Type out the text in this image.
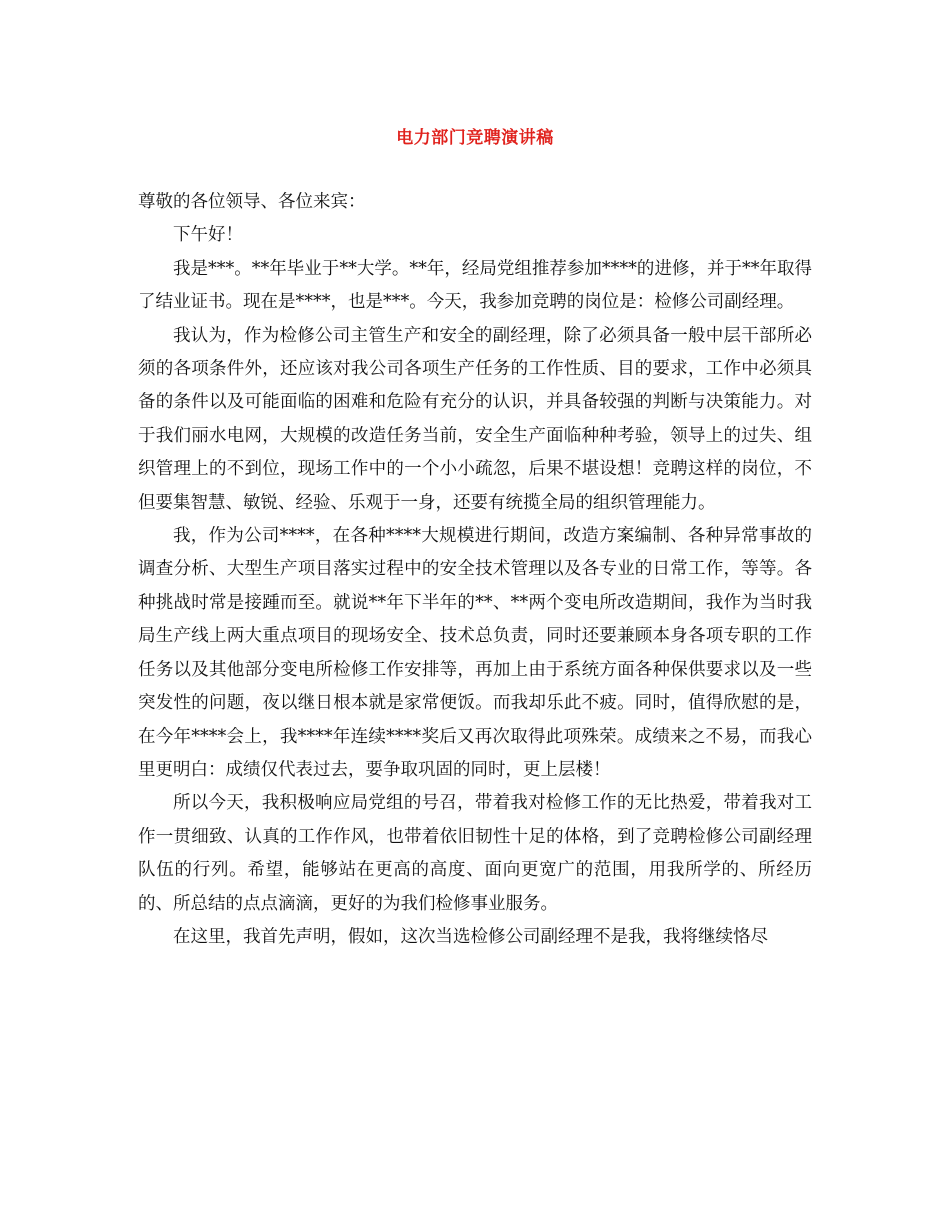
电力部门竞聘演讲稿

尊敬的各位领导、各位来宾：

下午好！

我是***。**年毕业于**大学。**年，经局党组推荐参加****的进修，并于**年取得了结业证书。现在是****，也是***。今天，我参加竞聘的岗位是：检修公司副经理。

我认为，作为检修公司主管生产和安全的副经理，除了必须具备一般中层干部所必须的各项条件外，还应该对我公司各项生产任务的工作性质、目的要求，工作中必须具备的条件以及可能面临的困难和危险有充分的认识，并具备较强的判断与决策能力。对于我们丽水电网，大规模的改造任务当前，安全生产面临种种考验，领导上的过失、组织管理上的不到位，现场工作中的一个小小疏忽，后果不堪设想！竞聘这样的岗位，不但要集智慧、敏锐、经验、乐观于一身，还要有统揽全局的组织管理能力。

我，作为公司****，在各种****大规模进行期间，改造方案编制、各种异常事故的调查分析、大型生产项目落实过程中的安全技术管理以及各专业的日常工作，等等。各种挑战时常是接踵而至。就说**年下半年的**、**两个变电所改造期间，我作为当时我局生产线上两大重点项目的现场安全、技术总负责，同时还要兼顾本身各项专职的工作任务以及其他部分变电所检修工作安排等，再加上由于系统方面各种保供要求以及一些突发性的问题，夜以继日根本就是家常便饭。而我却乐此不疲。同时，值得欣慰的是，在今年****会上，我****年连续****奖后又再次取得此项殊荣。成绩来之不易，而我心里更明白：成绩仅代表过去，要争取巩固的同时，更上层楼！

所以今天，我积极响应局党组的号召，带着我对检修工作的无比热爱，带着我对工作一贯细致、认真的工作作风，也带着依旧韧性十足的体格，到了竞聘检修公司副经理队伍的行列。希望，能够站在更高的高度、面向更宽广的范围，用我所学的、所经历的、所总结的点点滴滴，更好的为我们检修事业服务。

在这里，我首先声明，假如，这次当选检修公司副经理不是我，我将继续恪尽
